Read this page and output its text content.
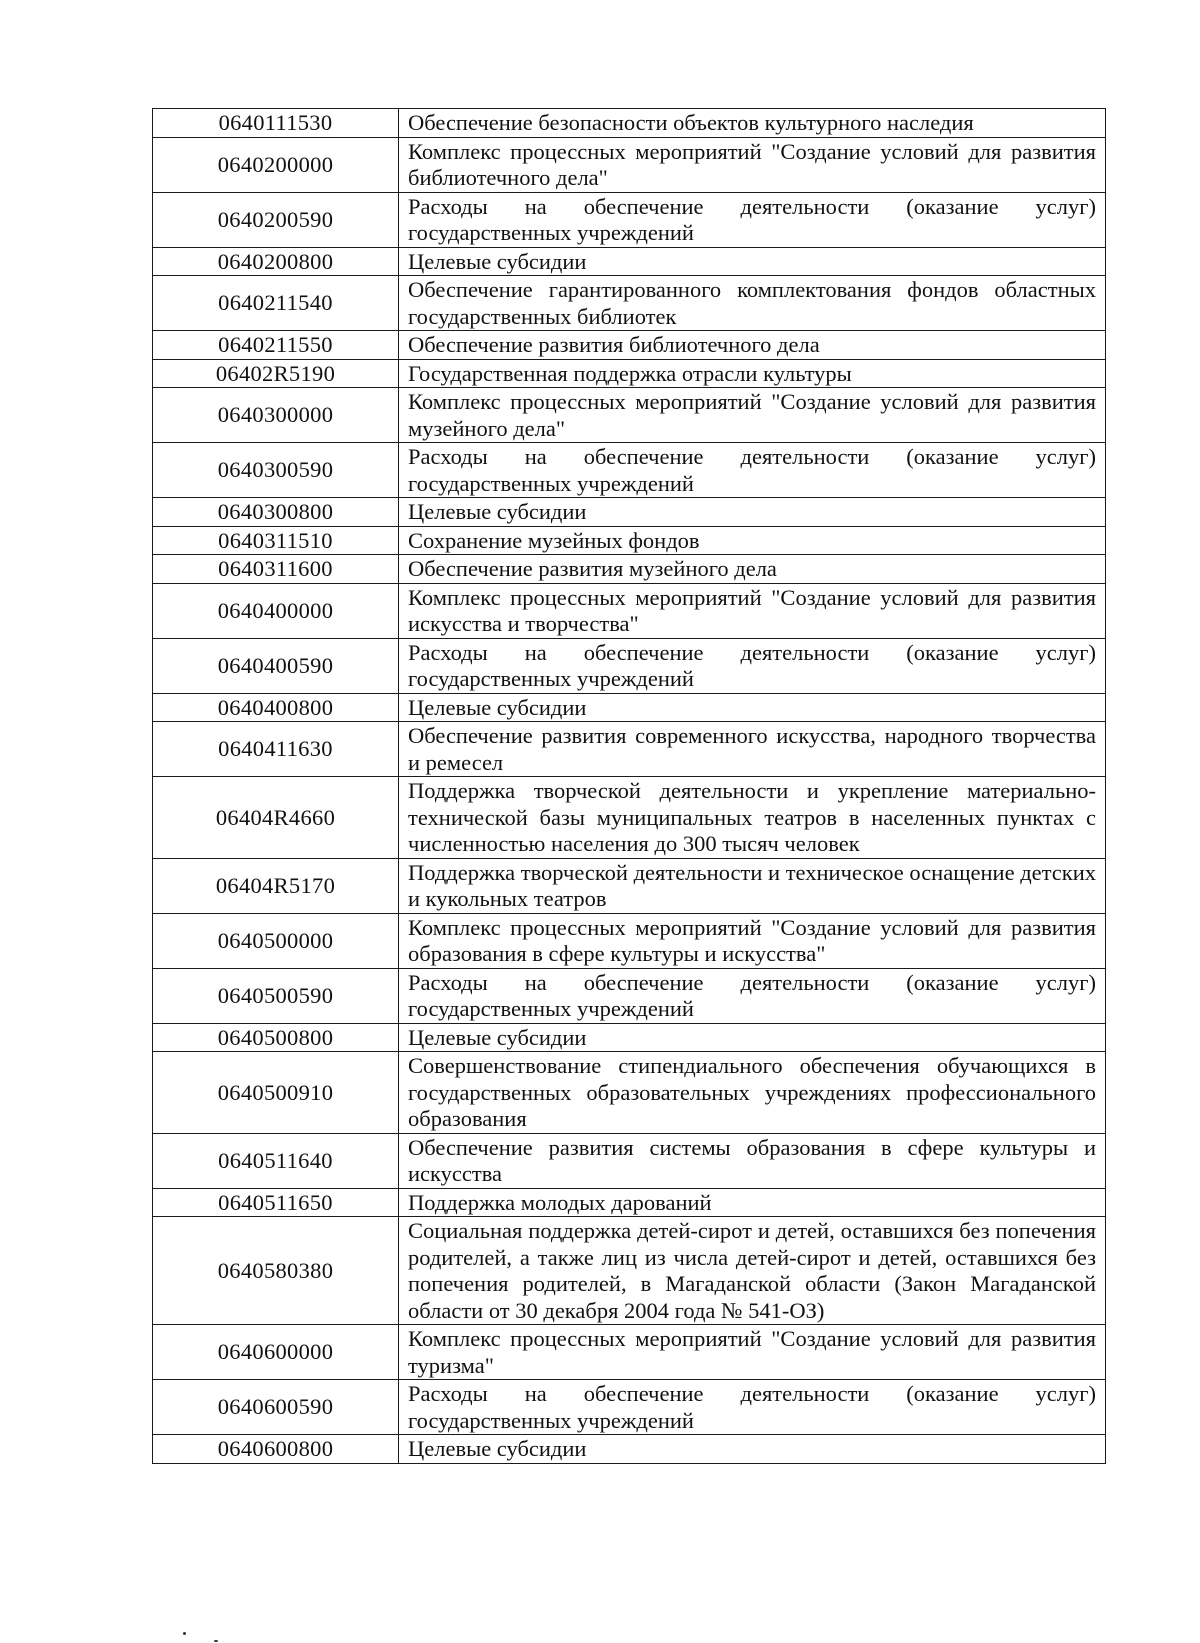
0640111530	Обеспечение безопасности объектов культурного наследия
0640200000	Комплекс процессных мероприятий "Создание условий для развития библиотечного дела"
0640200590	Расходы на обеспечение деятельности (оказание услуг) государственных учреждений
0640200800	Целевые субсидии
0640211540	Обеспечение гарантированного комплектования фондов областных государственных библиотек
0640211550	Обеспечение развития библиотечного дела
06402R5190	Государственная поддержка отрасли культуры
0640300000	Комплекс процессных мероприятий "Создание условий для развития музейного дела"
0640300590	Расходы на обеспечение деятельности (оказание услуг) государственных учреждений
0640300800	Целевые субсидии
0640311510	Сохранение музейных фондов
0640311600	Обеспечение развития музейного дела
0640400000	Комплекс процессных мероприятий "Создание условий для развития искусства и творчества"
0640400590	Расходы на обеспечение деятельности (оказание услуг) государственных учреждений
0640400800	Целевые субсидии
0640411630	Обеспечение развития современного искусства, народного творчества и ремесел
06404R4660	Поддержка творческой деятельности и укрепление материально-технической базы муниципальных театров в населенных пунктах с численностью населения до 300 тысяч человек
06404R5170	Поддержка творческой деятельности и техническое оснащение детских и кукольных театров
0640500000	Комплекс процессных мероприятий "Создание условий для развития образования в сфере культуры и искусства"
0640500590	Расходы на обеспечение деятельности (оказание услуг) государственных учреждений
0640500800	Целевые субсидии
0640500910	Совершенствование стипендиального обеспечения обучающихся в государственных образовательных учреждениях профессионального образования
0640511640	Обеспечение развития системы образования в сфере культуры и искусства
0640511650	Поддержка молодых дарований
0640580380	Социальная поддержка детей-сирот и детей, оставшихся без попечения родителей, а также лиц из числа детей-сирот и детей, оставшихся без попечения родителей, в Магаданской области (Закон Магаданской области от 30 декабря 2004 года № 541-ОЗ)
0640600000	Комплекс процессных мероприятий "Создание условий для развития туризма"
0640600590	Расходы на обеспечение деятельности (оказание услуг) государственных учреждений
0640600800	Целевые субсидии
